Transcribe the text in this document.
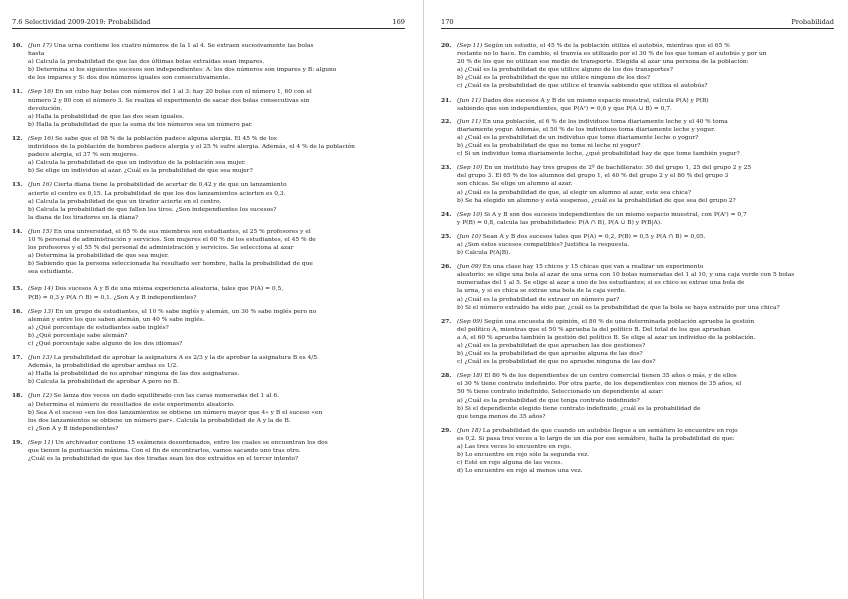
7.6 Selectividad 2009-2019: Probabilidad	169
10. (Jun 17) Una urna contiene los cuatro números de la 1 al 4. Se extraen sucesivamente las bolas

hasta

a) Calcula la probabilidad de que las dos últimas bolas extraídas sean impares.

b) Determina si los siguientes sucesos son independientes: A: los dos números son impares y B: alguno

de los impares y S: dos dos números iguales son consecutivamente.

11. (Sep 16) En un cubo hay bolas con números del 1 al 3: hay 20 bolas con el número 1, 60 con el

número 2 y 80 con el número 3. Se realiza el experimento de sacar dos bolas consecutivas sin

devolución.

a) Halla la probabilidad de que las dos sean iguales.

b) Halla la probabilidad de que la suma de los números sea un número par.

12. (Sep 16) Se sabe que el 98 % de la población padece alguna alergia. El 45 % de los

individuos de la población de hombres padece alergia y el 25 % sufre alergia. Además, el 4 % de la población

padece alergia, el 37 % son mujeres.

a) Calcula la probabilidad de que un individuo de la población sea mujer.

b) Se elige un individuo al azar. ¿Cuál es la probabilidad de que sea mujer?

13. (Jun 16) Cierta diana tiene la probabilidad de acertar de 0,42 y de que un lanzamiento

acierte el centro es 0,15. La probabilidad de que los dos lanzamientos acierten es 0,3.

a) Calcula la probabilidad de que un tirador acierte en el centro.

b) Calcula la probabilidad de que fallen los tiros. ¿Son independientes los sucesos?

la diana de los tiradores en la diana?

14. (Jun 15) En una universidad, el 65 % de sus miembros son estudiantes, el 25 % profesores y el

10 % personal de administración y servicios. Son mujeres el 60 % de los estudiantes, el 45 % de

los profesores y el 55 % del personal de administración y servicios. Se selecciona al azar

a) Determina la probabilidad de que sea mujer.

b) Sabiendo que la persona seleccionada ha resultado ser hombre, halla la probabilidad de que

sea estudiante.

15. (Sep 14) Dos sucesos A y B de una misma experiencia aleatoria, tales que P(A) = 0,5,

P(B) = 0,3 y P(A ∩ B) = 0,1. ¿Son A y B independientes?

16. (Sep 13) En un grupo de estudiantes, el 10 % sabe inglés y alemán, un 30 % sabe inglés pero no

alemán y entre los que saben alemán, un 40 % sabe inglés.

a) ¿Qué porcentaje de estudiantes sabe inglés?

b) ¿Qué porcentaje sabe alemán?

c) ¿Qué porcentaje sabe alguno de los dos idiomas?

17. (Jun 13) La probabilidad de aprobar la asignatura A es 2/3 y la de aprobar la asignatura B es 4/5.

Además, la probabilidad de aprobar ambas es 1/2.

a) Halla la probabilidad de no aprobar ninguna de las dos asignaturas.

b) Calcula la probabilidad de aprobar A pero no B.

18. (Jun 12) Se lanza dos veces un dado equilibrado con las caras numeradas del 1 al 6.

a) Determina el número de resultados de este experimento aleatorio.

b) Sea A el suceso «en los dos lanzamientos se obtiene un número mayor que 4» y B el suceso «en

los dos lanzamientos se obtiene un número par». Calcula la probabilidad de A y la de B.

c) ¿Son A y B independientes?

19. (Sep 11) Un archivador contiene 15 exámenes desordenados, entre los cuales se encuentran los dos

que tienen la puntuación máxima. Con el fin de encontrarlos, vamos sacando uno tras otro.

¿Cuál es la probabilidad de que las dos tiradas sean los dos extraídos en el tercer intento?

170	Probabilidad
20. (Sep 11) Según un estudio, el 45 % de la población utiliza el autobús, mientras que el 65 %

restante no lo hace. En cambio, el tranvía es utilizado por el 30 % de los que toman el autobús y por un

20 % de los que no utilizan ese medio de transporte. Elegida al azar una persona de la población:

a) ¿Cuál es la probabilidad de que utilice alguno de los dos transportes?

b) ¿Cuál es la probabilidad de que no utilice ninguno de los dos?

c) ¿Cuál es la probabilidad de que utilice el tranvía sabiendo que utiliza el autobús?

21. (Jun 11) Dados dos sucesos A y B de un mismo espacio muestral, calcula P(A) y P(B)

sabiendo que son independientes, que P(Aᶜ) = 0,6 y que P(A ∪ B) = 0,7.

22. (Jun 11) En una población, el 6 % de los individuos toma diariamente leche y el 40 % toma

diariamente yogur. Además, el 50 % de los individuos toma diariamente leche y yogur.

a) ¿Cuál es la probabilidad de un individuo que tome diariamente leche o yogur?

b) ¿Cuál es la probabilidad de que no tome ni leche ni yogur?

c) Si un individuo toma diariamente leche, ¿qué probabilidad hay de que tome también yogur?

23. (Sep 10) En un instituto hay tres grupos de 2º de bachillerato: 30 del grupo 1, 25 del grupo 2 y 25

del grupo 3. El 65 % de los alumnos del grupo 1, el 40 % del grupo 2 y el 80 % del grupo 3

son chicas. Se elige un alumno al azar.

a) ¿Cuál es la probabilidad de que, al elegir un alumno al azar, este sea chica?

b) Se ha elegido un alumno y está suspenso, ¿cuál es la probabilidad de que sea del grupo 2?

24. (Sep 10) Si A y B son dos sucesos independientes de un mismo espacio muestral, con P(Aᶜ) = 0,7

y P(B) = 0,8, calcula las probabilidades: P(A ∩ B), P(A ∪ B) y P(B|A).

25. (Jun 10) Sean A y B dos sucesos tales que P(A) = 0,2, P(B) = 0,5 y P(A ∩ B) = 0,05.

a) ¿Son estos sucesos compatibles? Justifica la respuesta.

b) Calcula P(A|B).

26. (Jun 09) En una clase hay 15 chicos y 15 chicas que van a realizar un experimento

aleatorio: se elige una bola al azar de una urna con 10 bolas numeradas del 1 al 10, y una caja verde con 5 bolas

numeradas del 1 al 5. Se elige al azar a uno de los estudiantes; si es chico se extrae una bola de

la urna, y si es chica se extrae una bola de la caja verde.

a) ¿Cuál es la probabilidad de extraer un número par?

b) Si el número extraído ha sido par, ¿cuál es la probabilidad de que la bola se haya extraído por una chica?

27. (Sep 09) Según una encuesta de opinión, el 80 % de una determinada población aprueba la gestión

del político A, mientras que el 50 % aprueba la del político B. Del total de los que aprueban

a A, el 60 % aprueba también la gestión del político B. Se elige al azar un individuo de la población.

a) ¿Cuál es la probabilidad de que aprueben las dos gestiones?

b) ¿Cuál es la probabilidad de que apruebe alguna de las dos?

c) ¿Cuál es la probabilidad de que no apruebe ninguna de las dos?

28. (Sep 18) El 80 % de los dependientes de un centro comercial tienen 35 años o más, y de ellos

el 30 % tiene contrato indefinido. Por otra parte, de los dependientes con menos de 35 años, el

50 % tiene contrato indefinido. Seleccionado un dependiente al azar:

a) ¿Cuál es la probabilidad de que tenga contrato indefinido?

b) Si el dependiente elegido tiene contrato indefinido, ¿cuál es la probabilidad de

que tenga menos de 35 años?

29. (Jun 18) La probabilidad de que cuando un autobús llegue a un semáforo lo encuentre en rojo

es 0,2. Si pasa tres veces a lo largo de un día por ese semáforo, halla la probabilidad de que:

a) Las tres veces lo encuentre en rojo.

b) Lo encuentre en rojo sólo la segunda vez.

c) Esté en rojo alguna de las veces.

d) Lo encuentre en rojo al menos una vez.
